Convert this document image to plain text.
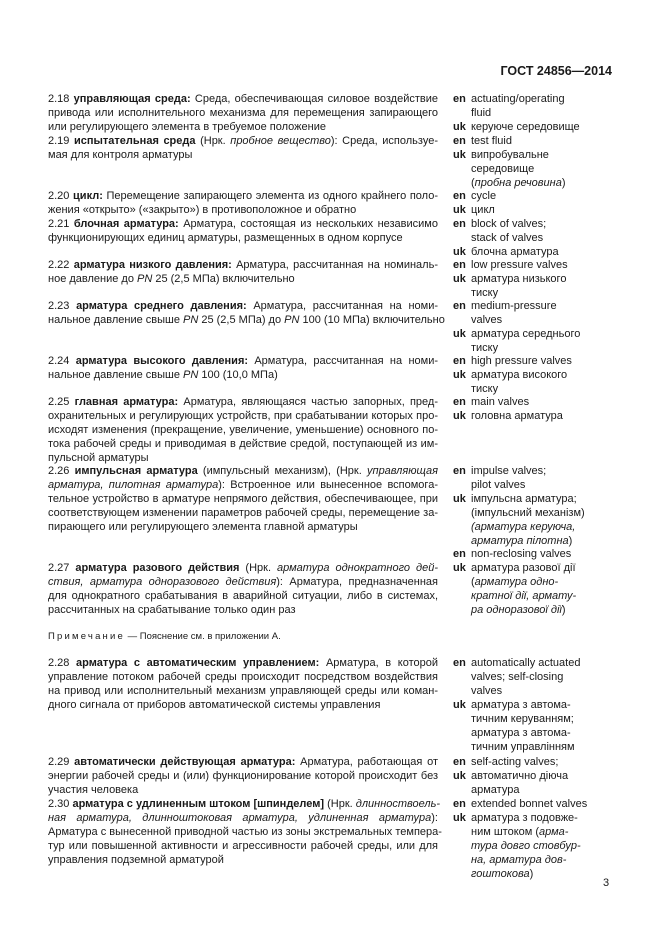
ГОСТ 24856—2014
2.18 управляющая среда: Среда, обеспечивающая силовое воздействие
привода или исполнительного механизма для перемещения запирающего
или регулирующего элемента в требуемое положение
2.19 испытательная среда (Нрк. пробное вещество): Среда, используе-
мая для контроля арматуры
2.20 цикл: Перемещение запирающего элемента из одного крайнего поло-
жения «открыто» («закрыто») в противоположное и обратно
2.21 блочная арматура: Арматура, состоящая из нескольких независимо
функционирующих единиц арматуры, размещенных в одном корпусе
2.22 арматура низкого давления: Арматура, рассчитанная на номиналь-
ное давление до PN 25 (2,5 МПа) включительно
2.23 арматура среднего давления: Арматура, рассчитанная на номи-
нальное давление свыше PN 25 (2,5 МПа) до PN 100 (10 МПа) включительно
2.24 арматура высокого давления: Арматура, рассчитанная на номи-
нальное давление свыше PN 100 (10,0 МПа)
2.25 главная арматура: Арматура, являющаяся частью запорных, пред-
охранительных и регулирующих устройств, при срабатывании которых про-
исходят изменения (прекращение, увеличение, уменьшение) основного по-
тока рабочей среды и приводимая в действие средой, поступающей из им-
пульсной арматуры
2.26 импульсная арматура (импульсный механизм), (Нрк. управляющая
арматура, пилотная арматура): Встроенное или вынесенное вспомога-
тельное устройство в арматуре непрямого действия, обеспечивающее, при
соответствующем изменении параметров рабочей среды, перемещение за-
пирающего или регулирующего элемента главной арматуры
2.27 арматура разового действия (Нрк. арматура однократного дей-
ствия, арматура одноразового действия): Арматура, предназначенная
для однократного срабатывания в аварийной ситуации, либо в системах,
рассчитанных на срабатывание только один раз
2.28 арматура с автоматическим управлением: Арматура, в которой
управление потоком рабочей среды происходит посредством воздействия
на привод или исполнительный механизм управляющей среды или коман-
дного сигнала от приборов автоматической системы управления
2.29 автоматически действующая арматура: Арматура, работающая от
энергии рабочей среды и (или) функционирование которой происходит без
участия человека
2.30 арматура с удлиненным штоком [шпинделем] (Нрк. длинноствоель-
ная арматура, длинноштоковая арматура, удлиненная арматура):
Арматура с вынесенной приводной частью из зоны экстремальных темпера-
тур или повышенной активности и агрессивности рабочей среды, или для
управления подземной арматурой
en actuating/operating
fluid
uk керуюче середовище
en test fluid
uk випробувальне
середовище
(пробна речовина)
en cycle
uk цикл
en block of valves;
stack of valves
uk блочна арматура
en low pressure valves
uk арматура низького
тиску
en medium-pressure
valves
uk арматура середнього
тиску
en high pressure valves
uk арматура високого
тиску
en main valves
uk головна арматура
en impulse valves;
pilot valves
uk імпульсна арматура;
(імпульсний механізм)
(арматура керуюча,
арматура пілотна)
en non-reclosing valves
uk арматура разової дії
(арматура одно-
кратної дії, армату-
ра одноразової дії)
en automatically actuated
valves; self-closing
valves
uk арматура з автома-
тичним керуванням;
арматура з автома-
тичним управлінням
en self-acting valves;
uk автоматично діюча
арматура
en extended bonnet valves
uk арматура з подовже-
ним штоком (арма-
тура довго стовбур-
на, арматура дов-
гоштокова)
Примечание — Пояснение см. в приложении А.
3
